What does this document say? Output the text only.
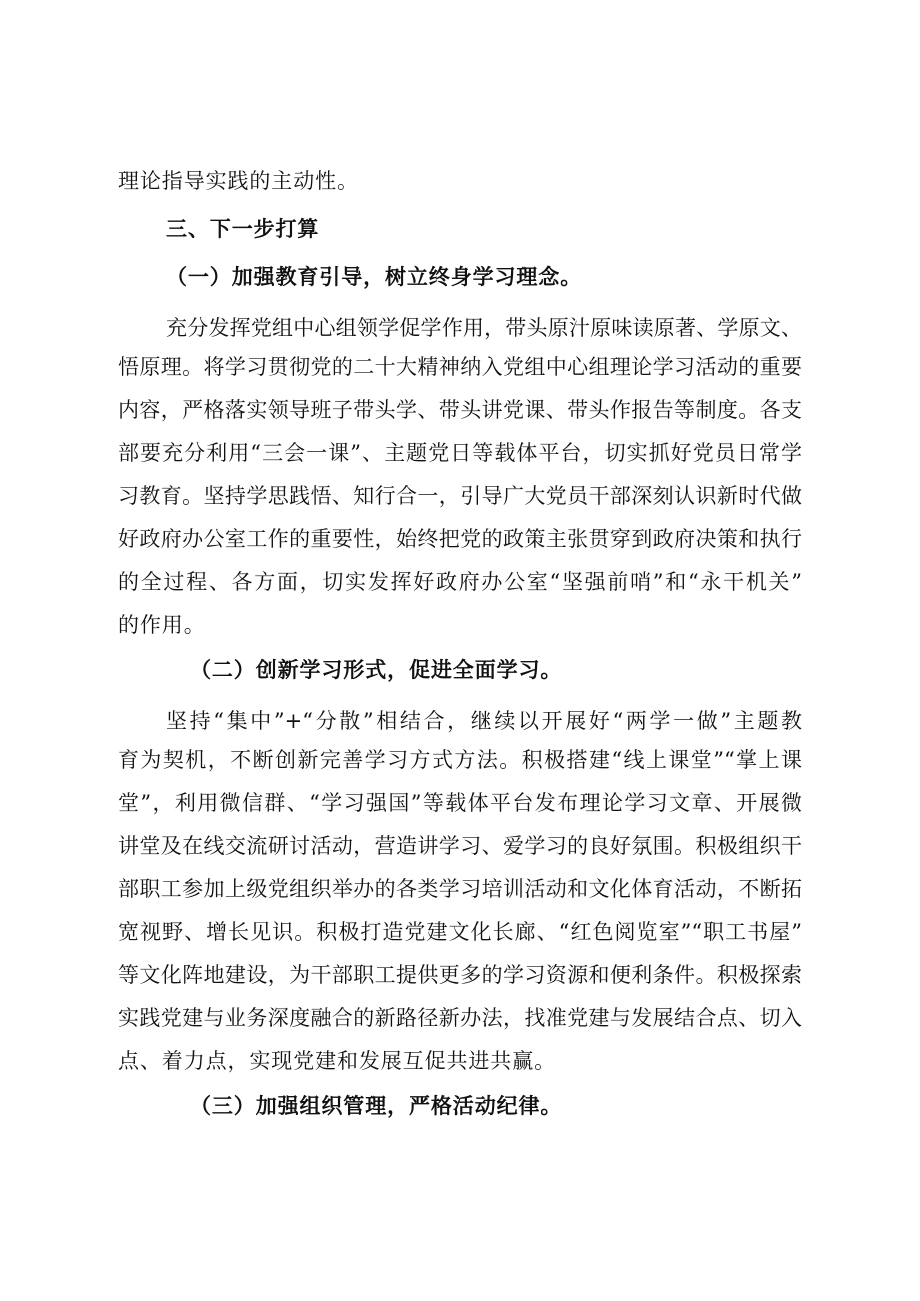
理论指导实践的主动性。

三、下一步打算

（一）加强教育引导，树立终身学习理念。

充分发挥党组中心组领学促学作用，带头原汁原味读原著、学原文、

悟原理。将学习贯彻党的二十大精神纳入党组中心组理论学习活动的重要

内容，严格落实领导班子带头学、带头讲党课、带头作报告等制度。各支

部要充分利用“三会一课”、主题党日等载体平台，切实抓好党员日常学

习教育。坚持学思践悟、知行合一，引导广大党员干部深刻认识新时代做

好政府办公室工作的重要性，始终把党的政策主张贯穿到政府决策和执行

的全过程、各方面，切实发挥好政府办公室“坚强前哨”和“永干机关”

的作用。

（二）创新学习形式，促进全面学习。

坚持“集中”+“分散”相结合，继续以开展好“两学一做”主题教

育为契机，不断创新完善学习方式方法。积极搭建“线上课堂”“掌上课

堂”，利用微信群、“学习强国”等载体平台发布理论学习文章、开展微

讲堂及在线交流研讨活动，营造讲学习、爱学习的良好氛围。积极组织干

部职工参加上级党组织举办的各类学习培训活动和文化体育活动，不断拓

宽视野、增长见识。积极打造党建文化长廊、“红色阅览室”“职工书屋”

等文化阵地建设，为干部职工提供更多的学习资源和便利条件。积极探索

实践党建与业务深度融合的新路径新办法，找准党建与发展结合点、切入

点、着力点，实现党建和发展互促共进共赢。

（三）加强组织管理，严格活动纪律。
